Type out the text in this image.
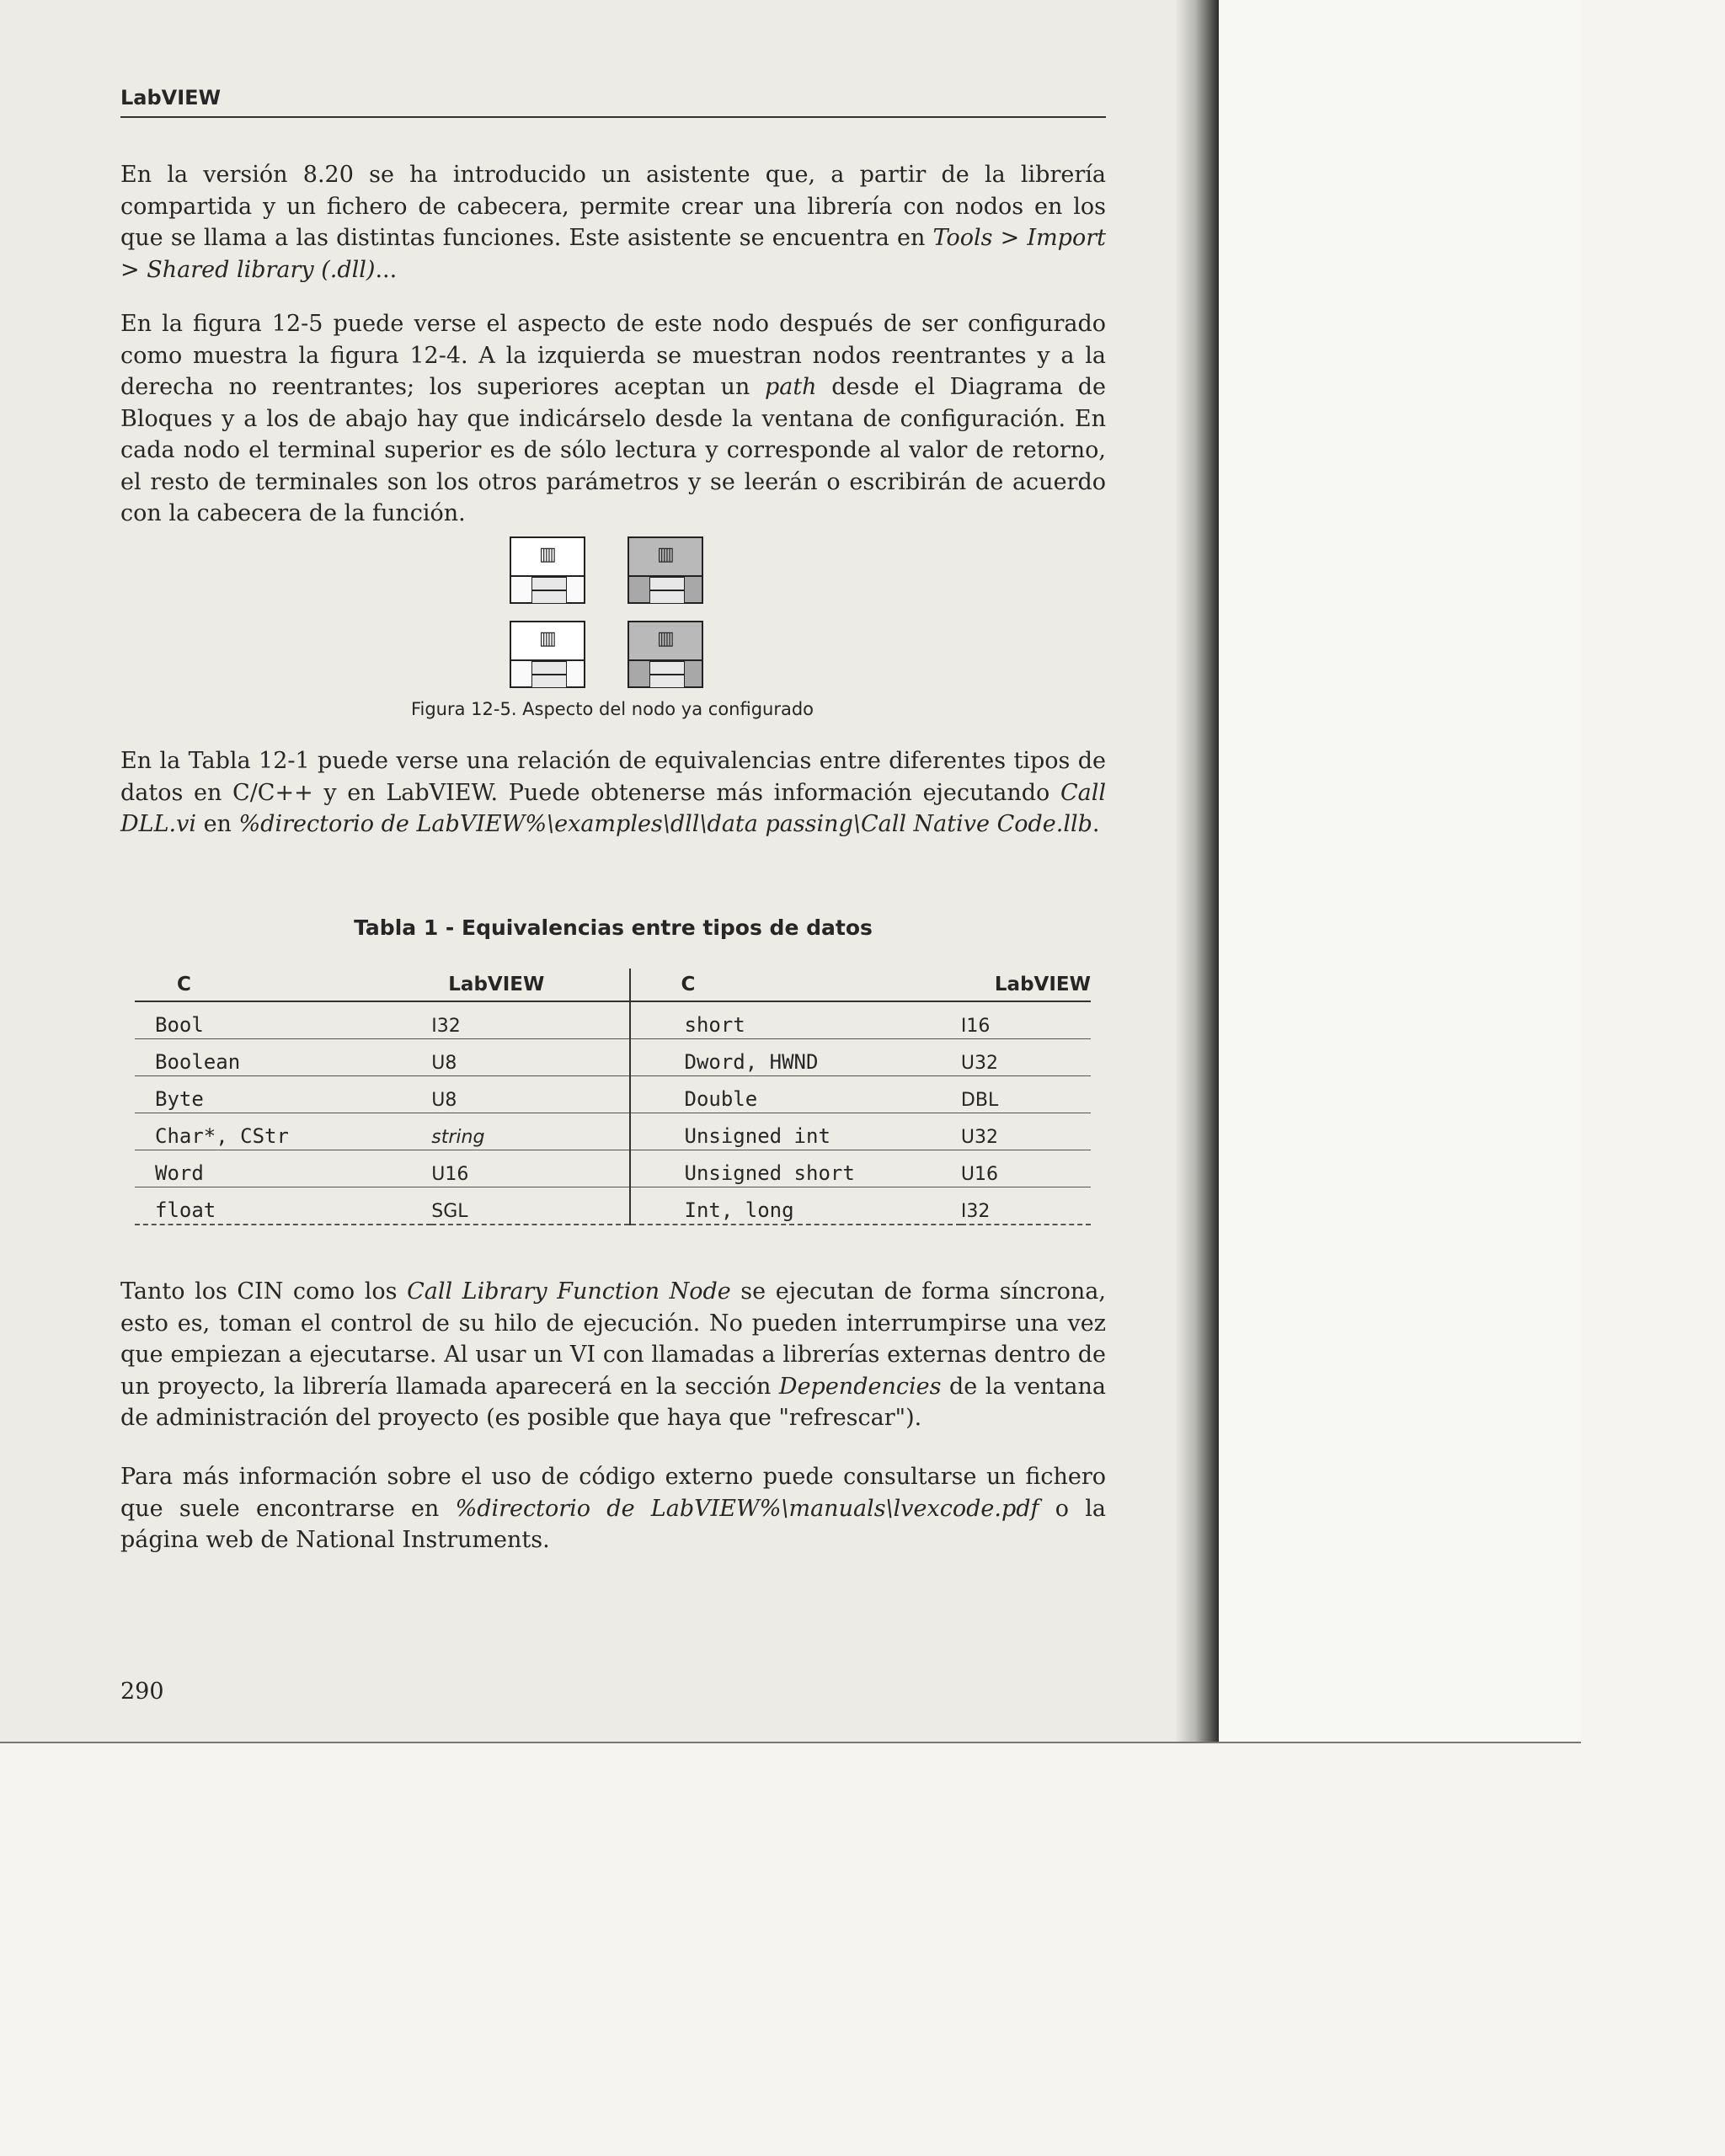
LabVIEW

En la versión 8.20 se ha introducido un asistente que, a partir de la librería compartida y un fichero de cabecera, permite crear una librería con nodos en los que se llama a las distintas funciones. Este asistente se encuentra en Tools > Import > Shared library (.dll)...

En la figura 12-5 puede verse el aspecto de este nodo después de ser configurado como muestra la figura 12-4. A la izquierda se muestran nodos reentrantes y a la derecha no reentrantes; los superiores aceptan un path desde el Diagrama de Bloques y a los de abajo hay que indicárselo desde la ventana de configuración. En cada nodo el terminal superior es de sólo lectura y corresponde al valor de retorno, el resto de terminales son los otros parámetros y se leerán o escribirán de acuerdo con la cabecera de la función.

▥	▥
▥	▥
Figura 12-5. Aspecto del nodo ya configurado

En la Tabla 12-1 puede verse una relación de equivalencias entre diferentes tipos de datos en C/C++ y en LabVIEW. Puede obtenerse más información ejecutando Call DLL.vi en %directorio de LabVIEW%\examples\dll\data passing\Call Native Code.llb.

Tabla 1 - Equivalencias entre tipos de datos
C	LabVIEW	C	LabVIEW
Bool	I32	short	I16
Boolean	U8	Dword, HWND	U32
Byte	U8	Double	DBL
Char*, CStr	string	Unsigned int	U32
Word	U16	Unsigned short	U16
float	SGL	Int, long	I32

Tanto los CIN como los Call Library Function Node se ejecutan de forma síncrona, esto es, toman el control de su hilo de ejecución. No pueden interrumpirse una vez que empiezan a ejecutarse. Al usar un VI con llamadas a librerías externas dentro de un proyecto, la librería llamada aparecerá en la sección Dependencies de la ventana de administración del proyecto (es posible que haya que "refrescar").

Para más información sobre el uso de código externo puede consultarse un fichero que suele encontrarse en %directorio de LabVIEW%\manuals\lvexcode.pdf o la página web de National Instruments.

290
